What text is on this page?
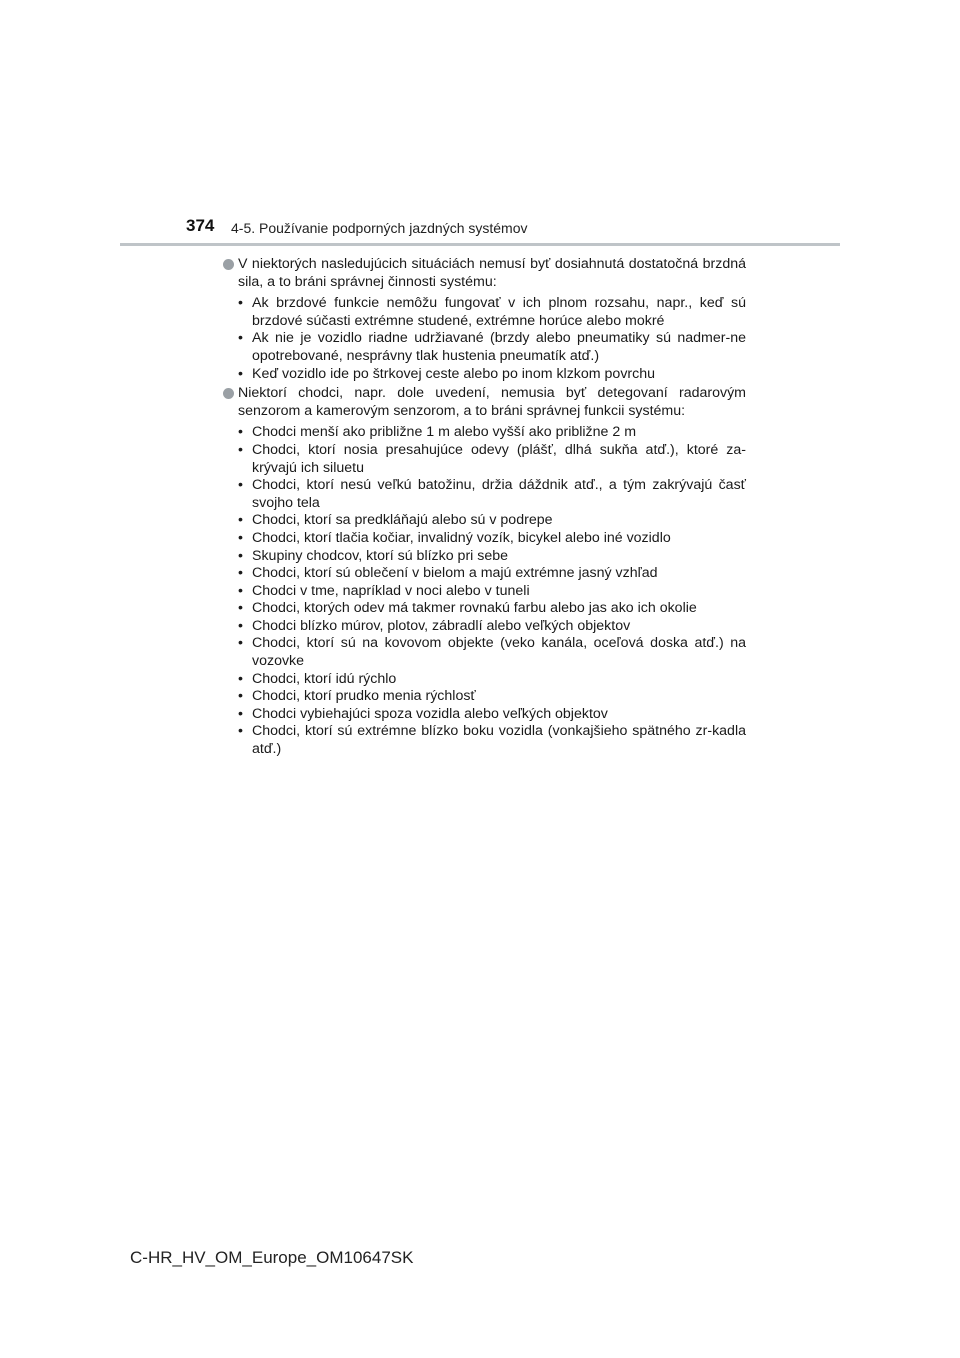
374 4-5. Používanie podporných jazdných systémov
V niektorých nasledujúcich situáciách nemusí byť dosiahnutá dostatočná brzdná sila, a to bráni správnej činnosti systému:
• Ak brzdové funkcie nemôžu fungovať v ich plnom rozsahu, napr., keď sú brzdové súčasti extrémne studené, extrémne horúce alebo mokré
• Ak nie je vozidlo riadne udržiavané (brzdy alebo pneumatiky sú nadmer-ne opotrebované, nesprávny tlak hustenia pneumatík atď.)
• Keď vozidlo ide po štrkovej ceste alebo po inom klzkom povrchu
Niektorí chodci, napr. dole uvedení, nemusia byť detegovaní radarovým senzorom a kamerovým senzorom, a to bráni správnej funkcii systému:
• Chodci menší ako približne 1 m alebo vyšší ako približne 2 m
• Chodci, ktorí nosia presahujúce odevy (plášť, dlhá sukňa atď.), ktoré za-krývajú ich siluetu
• Chodci, ktorí nesú veľkú batožinu, držia dáždnik atď., a tým zakrývajú časť svojho tela
• Chodci, ktorí sa predkláňajú alebo sú v podrepe
• Chodci, ktorí tlačia kočiar, invalidný vozík, bicykel alebo iné vozidlo
• Skupiny chodcov, ktorí sú blízko pri sebe
• Chodci, ktorí sú oblečení v bielom a majú extrémne jasný vzhľad
• Chodci v tme, napríklad v noci alebo v tuneli
• Chodci, ktorých odev má takmer rovnakú farbu alebo jas ako ich okolie
• Chodci blízko múrov, plotov, zábradlí alebo veľkých objektov
• Chodci, ktorí sú na kovovom objekte (veko kanála, oceľová doska atď.) na vozovke
• Chodci, ktorí idú rýchlo
• Chodci, ktorí prudko menia rýchlosť
• Chodci vybiehajúci spoza vozidla alebo veľkých objektov
• Chodci, ktorí sú extrémne blízko boku vozidla (vonkajšieho spätného zr-kadla atď.)
C-HR_HV_OM_Europe_OM10647SK
